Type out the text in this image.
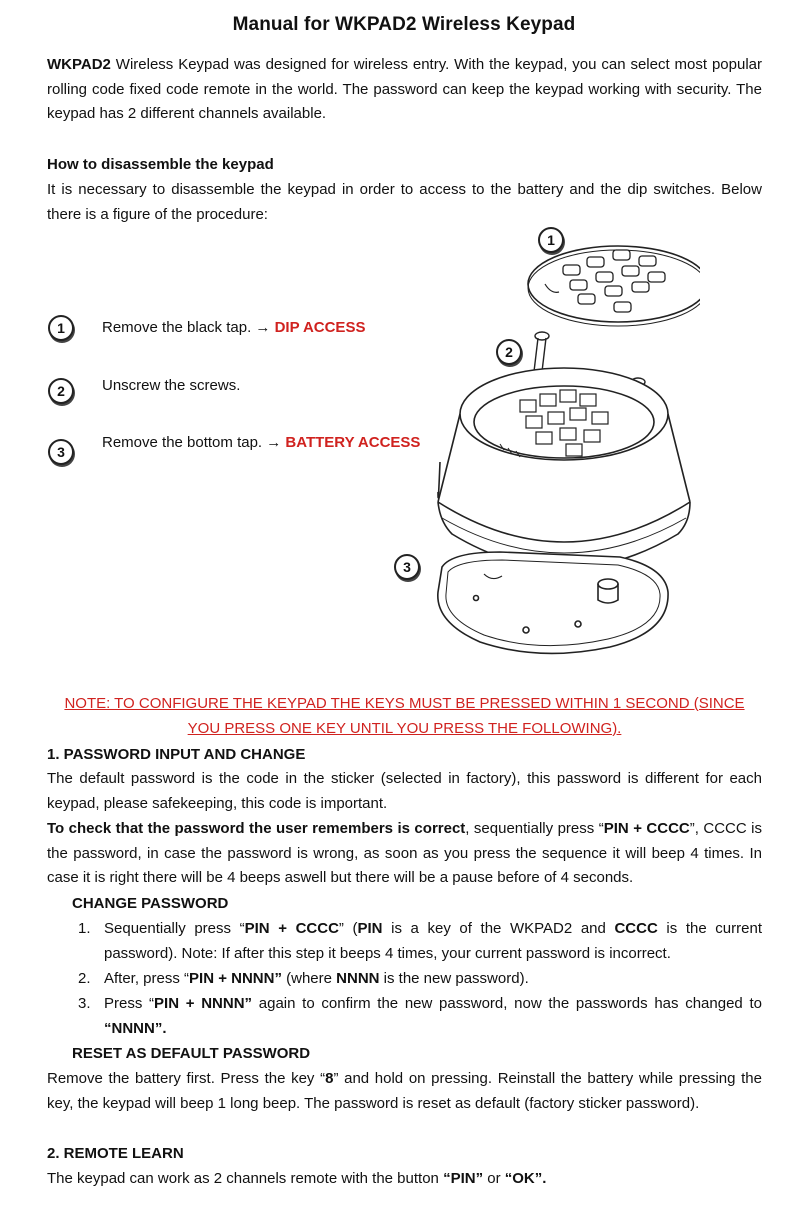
Manual for WKPAD2 Wireless Keypad

WKPAD2 Wireless Keypad was designed for wireless entry. With the keypad, you can select most popular rolling code fixed code remote in the world. The password can keep the keypad working with security. The keypad has 2 different channels available.

How to disassemble the keypad

It is necessary to disassemble the keypad in order to access to the battery and the dip switches. Below there is a figure of the procedure:

1	Remove the black tap. → DIP ACCESS
2	Unscrew the screws.
3
Remove the bottom tap. → BATTERY ACCESS
1
2
3
NOTE: TO CONFIGURE THE KEYPAD THE KEYS MUST BE PRESSED WITHIN 1 SECOND (SINCE YOU PRESS ONE KEY UNTIL YOU PRESS THE FOLLOWING).
1. PASSWORD INPUT AND CHANGE

The default password is the code in the sticker (selected in factory), this password is different for each keypad, please safekeeping, this code is important.

To check that the password the user remembers is correct, sequentially press “PIN + CCCC”, CCCC is the password, in case the password is wrong, as soon as you press the sequence it will beep 4 times. In case it is right there will be 4 beeps aswell but there will be a pause before of 4 seconds.

CHANGE PASSWORD
1. Sequentially press “PIN + CCCC” (PIN is a key of the WKPAD2 and CCCC is the current password). Note: If after this step it beeps 4 times, your current password is incorrect.
2. After, press “PIN + NNNN” (where NNNN is the new password).
3. Press “PIN + NNNN” again to confirm the new password, now the passwords has changed to “NNNN”.
RESET AS DEFAULT PASSWORD

Remove the battery first. Press the key “8” and hold on pressing. Reinstall the battery while pressing the key, the keypad will beep 1 long beep. The password is reset as default (factory sticker password).

2. REMOTE LEARN

The keypad can work as 2 channels remote with the button “PIN” or “OK”.
